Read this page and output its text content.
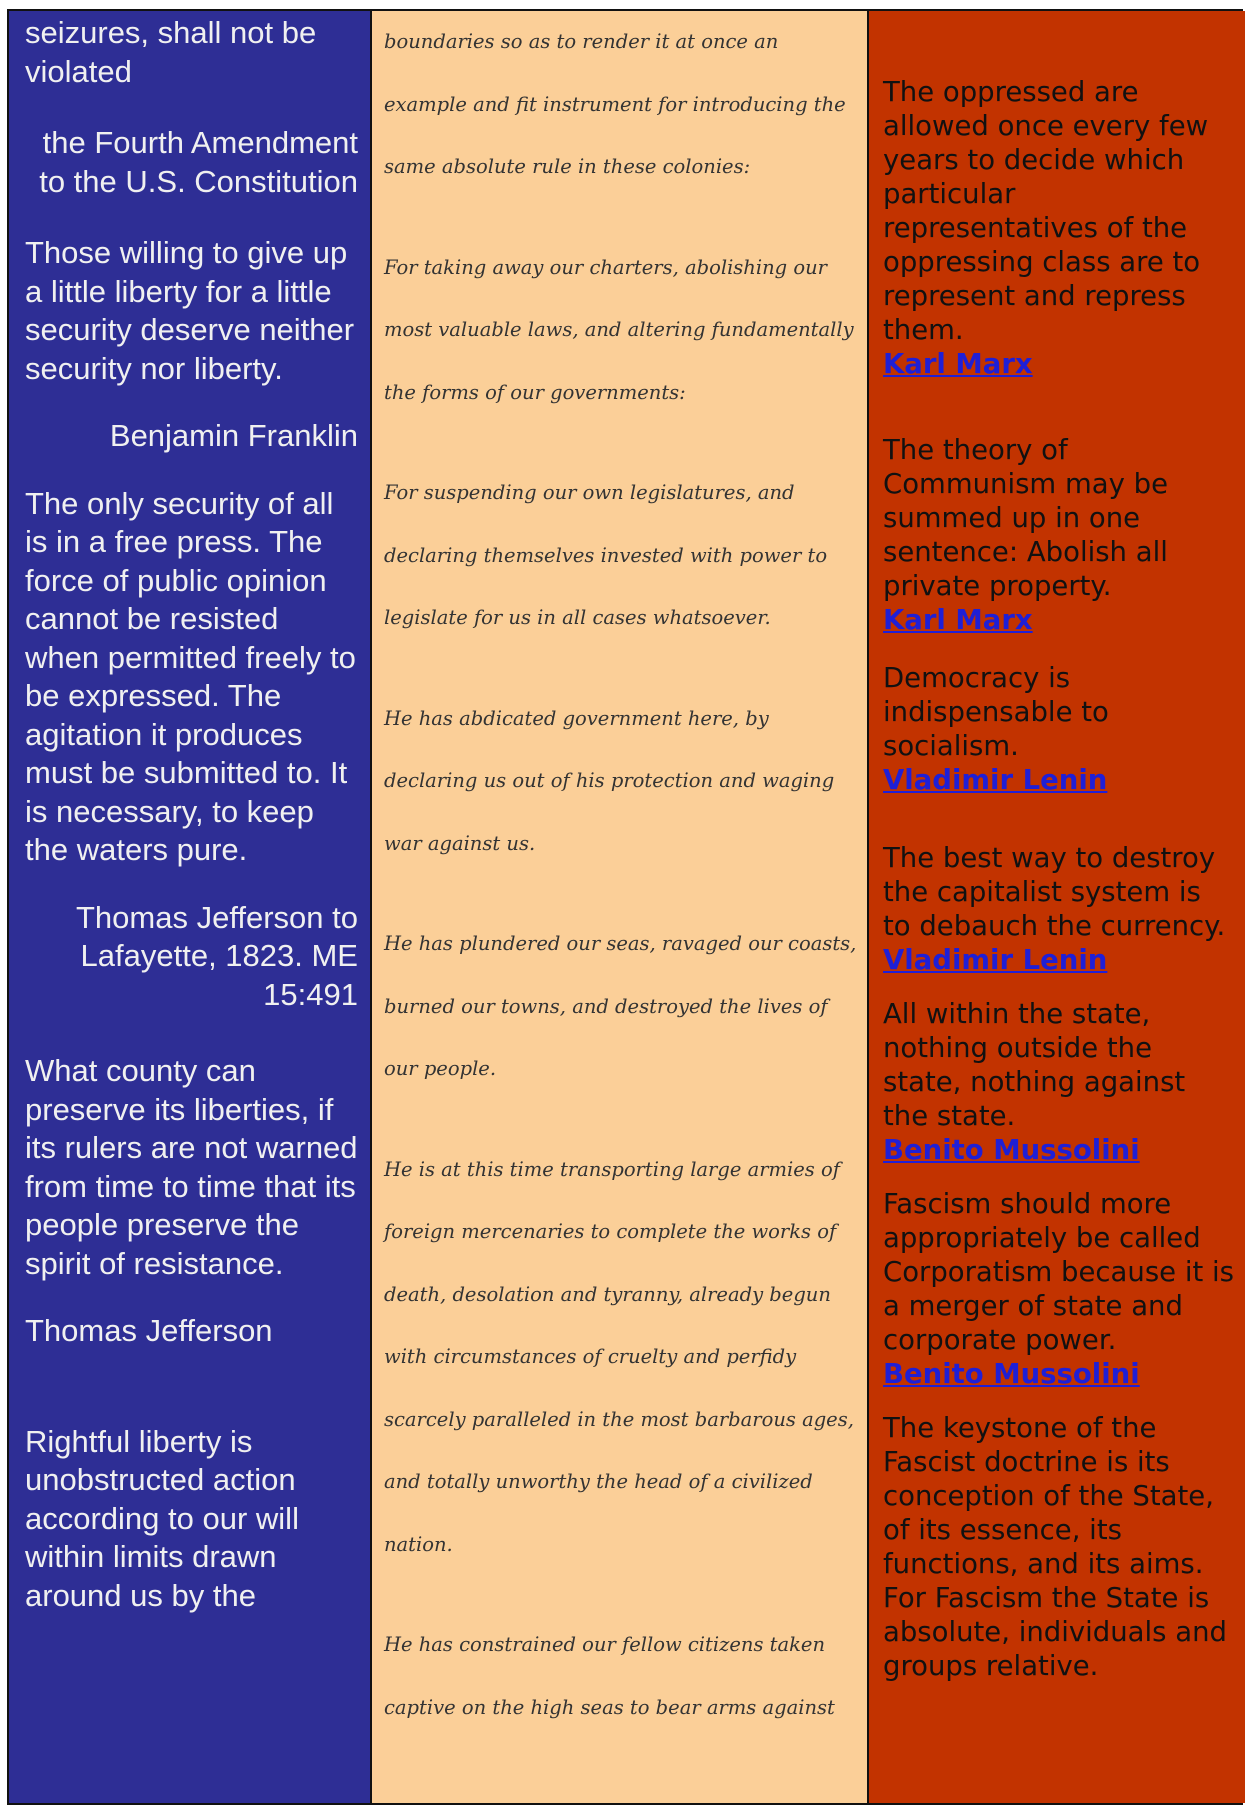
seizures, shall not be violated

the Fourth Amendment to the U.S. Constitution

Those willing to give up a little liberty for a little security deserve neither security nor liberty.

Benjamin Franklin

The only security of all is in a free press. The force of public opinion cannot be resisted when permitted freely to be expressed. The agitation it produces must be submitted to. It is necessary, to keep the waters pure.

Thomas Jefferson to Lafayette, 1823. ME 15:491

What county can preserve its liberties, if its rulers are not warned from time to time that its people preserve the spirit of resistance.

Thomas Jefferson

Rightful liberty is unobstructed action according to our will within limits drawn around us by the

boundaries so as to render it at once an example and fit instrument for introducing the same absolute rule in these colonies:

For taking away our charters, abolishing our most valuable laws, and altering fundamentally the forms of our governments:

For suspending our own legislatures, and declaring themselves invested with power to legislate for us in all cases whatsoever.

He has abdicated government here, by declaring us out of his protection and waging war against us.

He has plundered our seas, ravaged our coasts, burned our towns, and destroyed the lives of our people.

He is at this time transporting large armies of foreign mercenaries to complete the works of death, desolation and tyranny, already begun with circumstances of cruelty and perfidy scarcely paralleled in the most barbarous ages, and totally unworthy the head of a civilized nation.

He has constrained our fellow citizens taken captive on the high seas to bear arms against

The oppressed are allowed once every few years to decide which particular representatives of the oppressing class are to represent and repress them.

Karl Marx

The theory of Communism may be summed up in one sentence: Abolish all private property.

Karl Marx

Democracy is indispensable to socialism.

Vladimir Lenin

The best way to destroy the capitalist system is to debauch the currency.

Vladimir Lenin

All within the state, nothing outside the state, nothing against the state.

Benito Mussolini

Fascism should more appropriately be called Corporatism because it is a merger of state and corporate power.

Benito Mussolini

The keystone of the Fascist doctrine is its conception of the State, of its essence, its functions, and its aims. For Fascism the State is absolute, individuals and groups relative.
